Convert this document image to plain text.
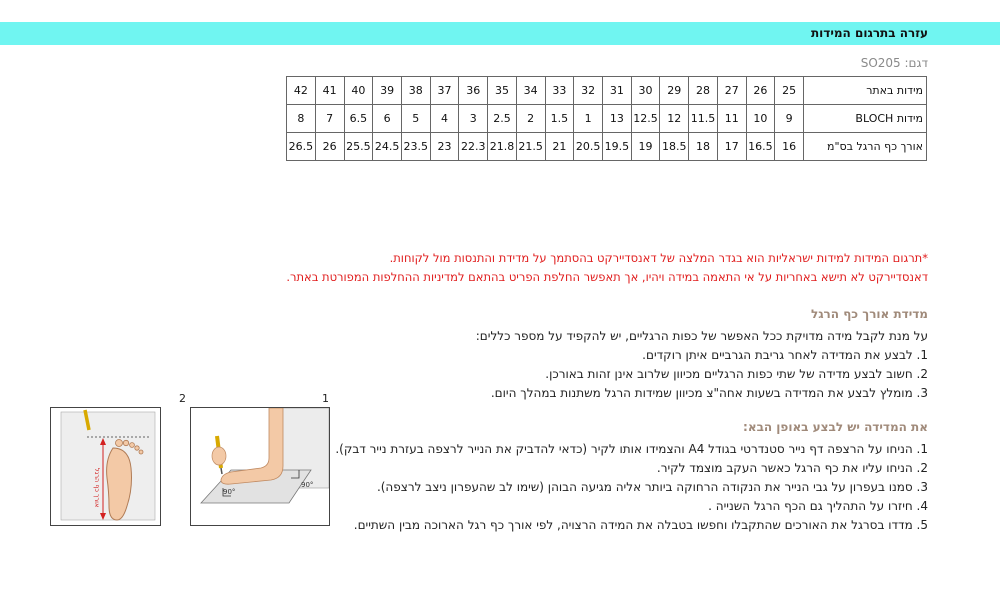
עזרה בתרגום המידות
דגם: SO205
מידות באתר	25	26	27	28	29	30	31	32	33	34	35	36	37	38	39	40	41	42
מידות BLOCH	9	10	11	11.5	12	12.5	13	1	1.5	2	2.5	3	4	5	6	6.5	7	8
אורך כף הרגל בס"מ	16	16.5	17	18	18.5	19	19.5	20.5	21	21.5	21.8	22.3	23	23.5	24.5	25.5	26	26.5
*תרגום המידות למידות ישראליות הוא בגדר המלצה של דאנסדיירקט בהסתמך על מדידת והתנסות מול לקוחות.
דאנסדיירקט לא תישא באחריות על אי התאמה במידה ויהיו, אך תאפשר החלפת הפריט בהתאם למדיניות ההחלפות המפורטת באתר.
מדידת אורך כף הרגל
על מנת לקבל מידה מדויקת ככל האפשר של כפות הרגליים, יש להקפיד על מספר כללים:
1. לבצע את המדידה לאחר גריבת הגרביים איתן רוקדים.
2. חשוב לבצע מדידה של שתי כפות הרגליים מכיוון שלרוב אינן זהות באורכן.
3. מומלץ לבצע את המדידה בשעות אחה"צ מכיוון שמידות הרגל משתנות במהלך היום.
את המדידה יש לבצע באופן הבא:
1. הניחו על הרצפה דף נייר סטנדרטי בגודל A4 והצמידו אותו לקיר (כדאי להדביק את הנייר לרצפה בעזרת נייר דבק).
2. הניחו עליו את כף הרגל כאשר העקב מוצמד לקיר.
3. סמנו בעפרון על גבי הנייר את הנקודה הרחוקה ביותר אליה מגיעה הבוהן (שימו לב שהעפרון ניצב לרצפה).
4. חיזרו על התהליך גם הכף הרגל השנייה .
5. מדדו בסרגל את האורכים שהתקבלו וחפשו בטבלה את המידה הרצויה, לפי אורך כף רגל הארוכה מבין השתיים.
1
2
90°
90°
אורך כף הרגל
